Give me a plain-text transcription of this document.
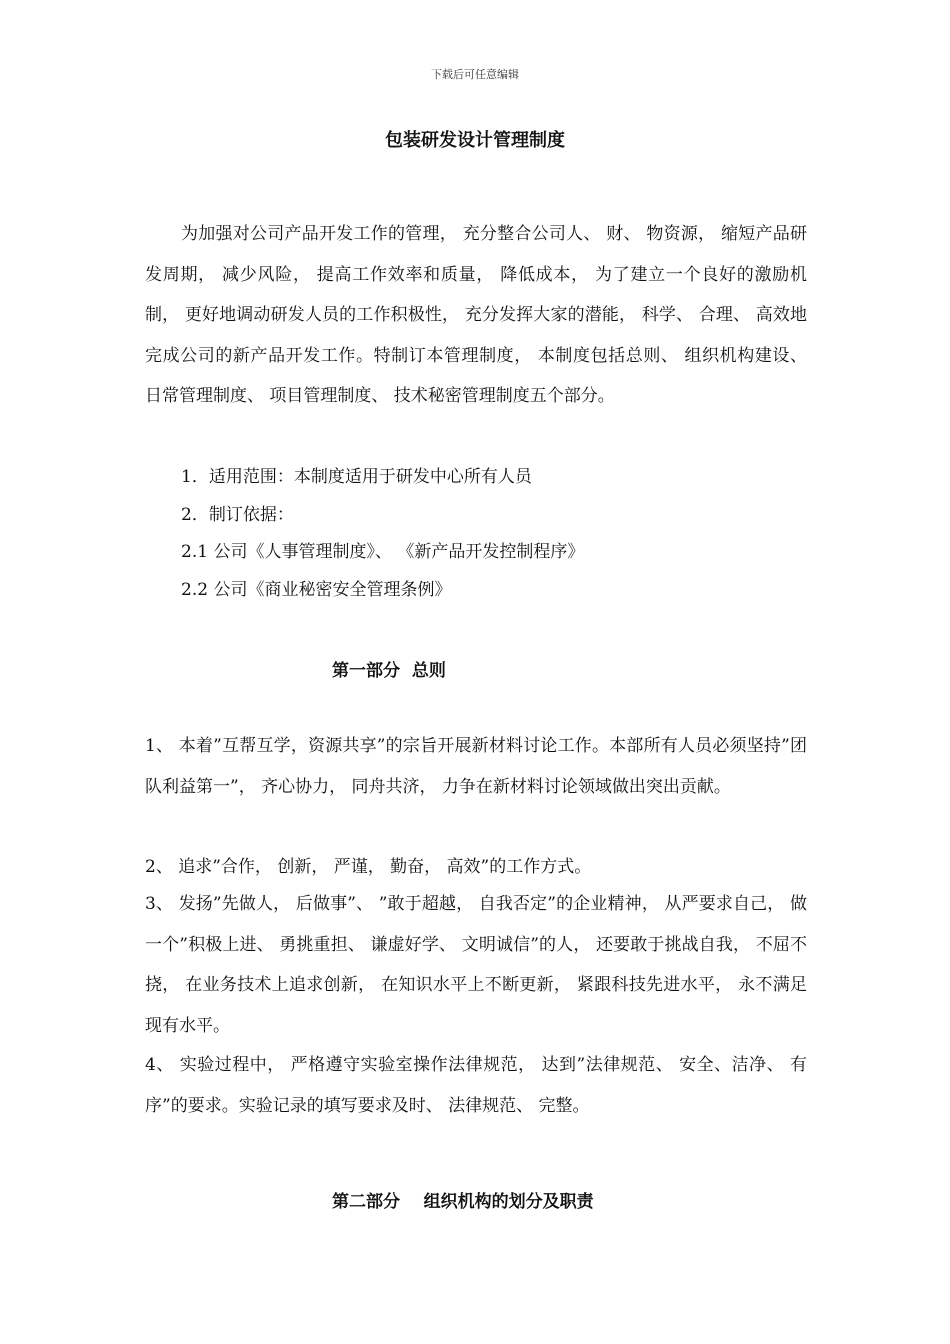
下载后可任意编辑
包装研发设计管理制度

为加强对公司产品开发工作的管理， 充分整合公司人、 财、 物资源， 缩短产品研发周期， 减少风险， 提高工作效率和质量， 降低成本， 为了建立一个良好的激励机制， 更好地调动研发人员的工作积极性， 充分发挥大家的潜能， 科学、 合理、 高效地完成公司的新产品开发工作。特制订本管理制度， 本制度包括总则、 组织机构建设、 日常管理制度、 项目管理制度、 技术秘密管理制度五个部分。

1．适用范围：本制度适用于研发中心所有人员

2．制订依据：

2.1 公司《人事管理制度》、 《新产品开发控制程序》

2.2 公司《商业秘密安全管理条例》

第一部分  总则

1、 本着”互帮互学，资源共享”的宗旨开展新材料讨论工作。本部所有人员必须坚持”团队利益第一”， 齐心协力， 同舟共济， 力争在新材料讨论领域做出突出贡献。

2、 追求”合作， 创新， 严谨， 勤奋， 高效”的工作方式。

3、 发扬”先做人， 后做事”、 ”敢于超越， 自我否定”的企业精神， 从严要求自己， 做一个”积极上进、 勇挑重担、 谦虚好学、 文明诚信”的人， 还要敢于挑战自我， 不屈不挠， 在业务技术上追求创新， 在知识水平上不断更新， 紧跟科技先进水平， 永不满足现有水平。

4、 实验过程中， 严格遵守实验室操作法律规范， 达到”法律规范、 安全、洁净、 有序”的要求。实验记录的填写要求及时、 法律规范、 完整。

第二部分    组织机构的划分及职责
